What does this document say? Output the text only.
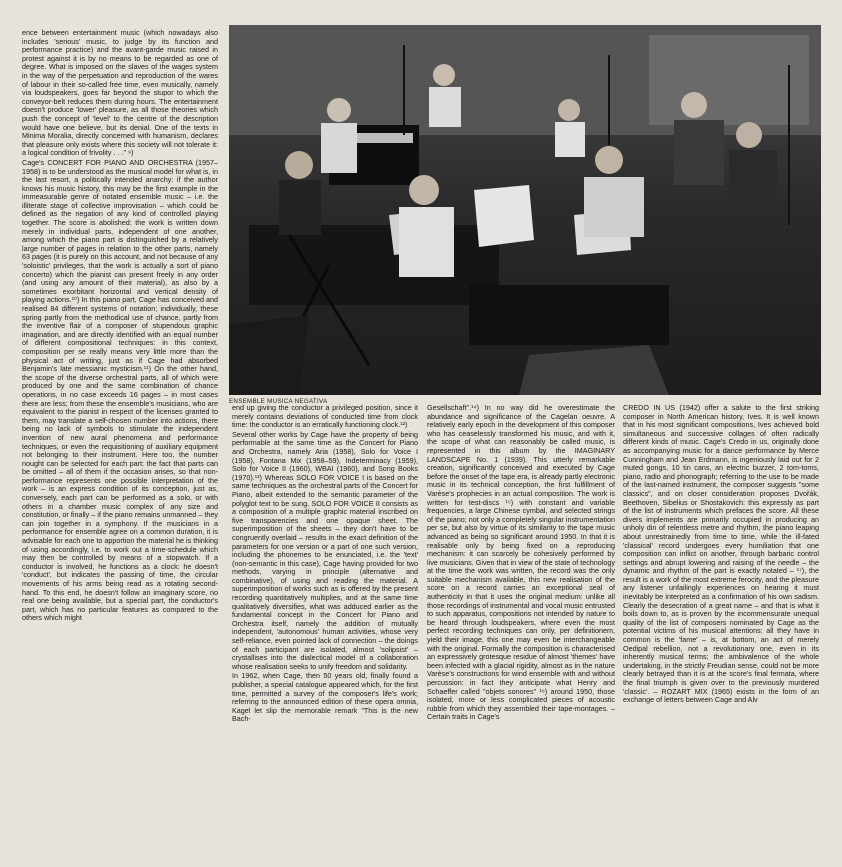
ence between entertainment music (which nowadays also includes 'serious' music, to judge by its function and performance practice) and the avant-garde music raised in protest against it is by no means to be regarded as one of degree. What is imposed on the slaves of the wages system in the way of the perpetuation and reproduction of the wares of labour in their so-called free time, even musically, namely via loudspeakers, goes far beyond the stupor to which the conveyor-belt reduces them during hours. The entertainment doesn't produce 'lower' pleasure, as all those theories which push the concept of 'level' to the centre of the description would have one believe, but its denial. One of the texts in Minima Moralia, directly concerned with humanism, declares that pleasure only exists where this society will not tolerate it: a logical condition of frivolity . . ." ⁹)

Cage's CONCERT FOR PIANO AND ORCHESTRA (1957–1958) is to be understood as the musical model for what is, in the last resort, a politically intended anarchy: if the author knows his music history, this may be the first example in the immeasurable genre of notated ensemble music – i.e. the illiterate stage of collective improvisation – which could be defined as the negation of any kind of controlled playing together. The score is abolished: the work is written down merely in individual parts, independent of one another, among which the piano part is distinguished by a relatively large number of pages in relation to the other parts, namely 63 pages (it is purely on this account, and not because of any 'soloistic' privileges, that the work is actually a sort of piano concerto) which the pianist can present freely in any order (and using any amount of their material), as also by a sometimes exorbitant horizontal and vertical density of playing actions.¹⁰) In this piano part, Cage has conceived and realised 84 different systems of notation; individually, these spring partly from the methodical use of chance, partly from the inventive flair of a composer of stupendous graphic imagination, and are directly identified with an equal number of different compositional techniques: in this context, composition per se really means very little more than the physical act of writing, just as if Cage had absorbed Benjamin's late messianic mysticism.¹¹) On the other hand, the scope of the diverse orchestral parts, all of which were produced by one and the same combination of chance operations, in no case exceeds 16 pages – in most cases there are less; from these the ensemble's musicians, who are equivalent to the pianist in respect of the licenses granted to them, may translate a self-chosen number into actions, there being no lack of symbols to stimulate the independent invention of new aural phenomena and performance techniques, or even the requisitioning of auxiliary equipment not belonging to their instrument. Here too, the number nought can be selected for each part: the fact that parts can be omitted – all of them if the occasion arises, so that non-performance represents one possible interpretation of the work – is an express condition of its conception, just as, conversely, each part can be performed as a solo, or with others in a chamber music complex of any size and constitution, or finally – if the piano remains unmanned – they can join together in a symphony. If the musicians in a performance for ensemble agree on a common duration, it is advisable for each one to apportion the material he is thinking of using accordingly, i.e. to work out a time-schedule which may then be controlled by means of a stopwatch. If a conductor is involved, he functions as a clock: he doesn't 'conduct', but indicates the passing of time, the circular movements of his arms being read as a rotating second-hand. To this end, he doesn't follow an imaginary score, no real one being available, but a special part, the conductor's part, which has no particular features as compared to the others which might

ENSEMBLE MUSICA NEGATIVA

end up giving the conductor a privileged position, since it merely contains deviations of conducted time from clock time: the conductor is an erratically functioning clock.¹²)

Several other works by Cage have the property of being performable at the same time as the Concert for Piano and Orchestra, namely Aria (1958), Solo for Voice I (1958), Fontana Mix (1958–59), Indeterminacy (1959), Solo for Voice II (1960), WBAI (1960), and Song Books (1970).¹³) Whereas SOLO FOR VOICE I is based on the same techniques as the orchestral parts of the Concert for Piano, albeit extended to the semantic parameter of the polyglot text to be sung, SOLO FOR VOICE II consists as a composition of a multiple graphic material inscribed on five transparencies and one opaque sheet. The superimposition of the sheets – they don't have to be congruently overlaid – results in the exact definition of the parameters for one version or a part of one such version, including the phonemes to be enunciated, i.e. the 'text' (non-semantic in this case), Cage having provided for two methods, varying in principle (alternative and combinative), of using and reading the material. A superimposition of works such as is offered by the present recording quantitatively multiplies, and at the same time qualitatively diversifies, what was adduced earlier as the fundamental concept in the Concert for Piano and Orchestra itself, namely the addition of mutually independent, 'autonomous' human activities, whose very self-reliance, even pointed lack of connection – the doings of each participant are isolated, almost 'solipsist' – crystallises into the dialectical model of a collaboration whose realisation seeks to unify freedom and solidarity.

In 1962, when Cage, then 50 years old, finally found a publisher, a special catalogue appeared which, for the first time, permitted a survey of the composer's life's work; referring to the announced edition of these opera omnia, Kagel let slip the memorable remark "This is the new Bach-

Gesellschaft".¹⁴) In no way did he overestimate the abundance and significance of the Cagelan oeuvre. A relatively early epoch in the development of this composer who has ceaselessly transformed his music, and with it, the scope of what can reasonably be called music, is represented in this album by the IMAGINARY LANDSCAPE No. 1 (1939). This utterly remarkable creation, significantly conceived and executed by Cage before the onset of the tape era, is already partly electronic music in its technical conception, the first fulfillment of Varèse's prophecies in an actual composition. The work is written for test-discs ¹⁵) with constant and variable frequencies, a large Chinese cymbal, and selected strings of the piano; not only a completely singular instrumentation per se, but also by virtue of its similarity to the tape music advanced as being so significant around 1950. In that it is realisable only by being fixed on a reproducing mechanism: it can scarcely be cohesively performed by live musicians. Given that in view of the state of technology at the time the work was written, the record was the only suitable mechanism available, this new realisation of the score on a record carries an exceptional seal of authenticity in that it uses the original medium: unlike all those recordings of instrumental and vocal music entrusted to such apparatus, compositions not intended by nature to be heard through loudspeakers, where even the most perfect recording techniques can only, per definitionem, yield their image, this one may even be interchangeable with the original. Formally the composition is characterised an expressively grotesque residue of almost 'themes' have been infected with a glacial rigidity, almost as in the nature Varèse's constructions for wind ensemble with and without percussion: in fact they anticipate what Henry and Schaeffer called "objets sonores" ¹⁶) around 1950, those isolated, more or less complicated pieces of acoustic rubble from which they assembled their tape-montages. – Certain traits in Cage's

CREDO IN US (1942) offer a salute to the first striking composer in North American history, Ives. It is well known that in his most significant compositions, Ives achieved bold simultaneous and successive collages of often radically different kinds of music. Cage's Credo in us, originally done as accompanying music for a dance performance by Merce Cunningham and Jean Erdmann, is ingeniously laid out for 2 muted gongs, 10 tin cans, an electric buzzer, 2 tom-toms, piano, radio and phonograph; referring to the use to be made of the last-named instrument, the composer suggests "some classics", and on closer consideration proposes Dvořák, Beethoven, Sibelius or Shostakovich: this expressly as part of the list of instruments which prefaces the score. All these divers implements are primarily occupied in producing an unholy din of relentless metre and rhythm, the piano leaping about unrestrainedly from time to time, while the ill-fated 'classical' record undergoes every humiliation that one composition can inflict on another, through barbaric control settings and abrupt lowering and raising of the needle – the dynamic and rhythm of the part is exactly notated – ¹⁷), the result is a work of the most extreme ferocity, and the pleasure any listener unfailingly experiences on hearing it must inevitably be interpreted as a confirmation of his own sadism. Clearly the desecration of a great name – and that is what it boils down to, as is proven by the incommensurate unequal quality of the list of composers nominated by Cage as the potential victims of his musical attentions: all they have in common is the 'fame' – is, at bottom, an act of merely Oedipal rebellion, not a revolutionary one, even in its inherently musical terms; the ambivalence of the whole undertaking, in the strictly Freudian sense, could not be more clearly betrayed than it is at the score's final fermata, where the final triumph is given over to the previously murdered 'classic'. – ROZART MIX (1965) exists in the form of an exchange of letters between Cage and Alv
